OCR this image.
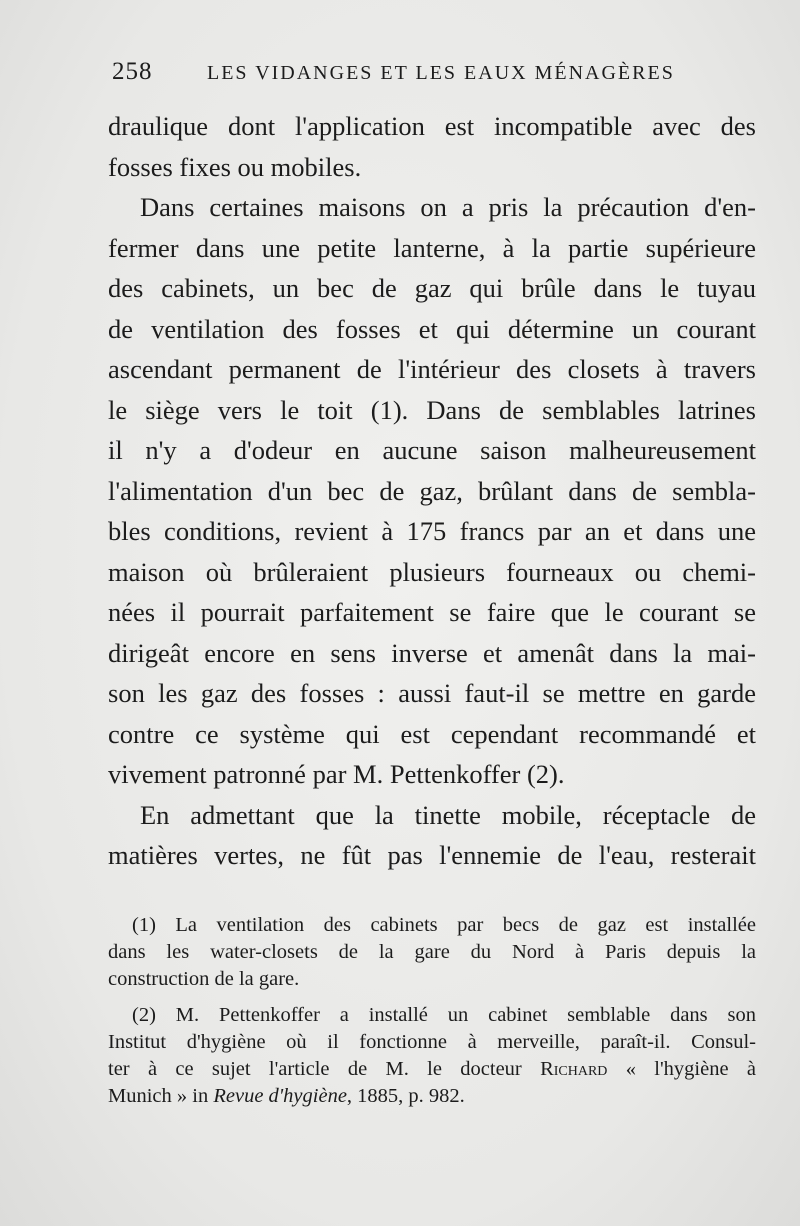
258	LES VIDANGES ET LES EAUX MÉNAGÈRES
draulique dont l'application est incompatible avec des
fosses fixes ou mobiles.
Dans certaines maisons on a pris la précaution d'en-
fermer dans une petite lanterne, à la partie supérieure
des cabinets, un bec de gaz qui brûle dans le tuyau
de ventilation des fosses et qui détermine un courant
ascendant permanent de l'intérieur des closets à travers
le siège vers le toit (1). Dans de semblables latrines
il n'y a d'odeur en aucune saison malheureusement
l'alimentation d'un bec de gaz, brûlant dans de sembla-
bles conditions, revient à 175 francs par an et dans une
maison où brûleraient plusieurs fourneaux ou chemi-
nées il pourrait parfaitement se faire que le courant se
dirigeât encore en sens inverse et amenât dans la mai-
son les gaz des fosses : aussi faut-il se mettre en garde
contre ce système qui est cependant recommandé et
vivement patronné par M. Pettenkoffer (2).
En admettant que la tinette mobile, réceptacle de
matières vertes, ne fût pas l'ennemie de l'eau, resterait
(1) La ventilation des cabinets par becs de gaz est installée
dans les water-closets de la gare du Nord à Paris depuis la
construction de la gare.
(2) M. Pettenkoffer a installé un cabinet semblable dans son
Institut d'hygiène où il fonctionne à merveille, paraît-il. Consul-
ter à ce sujet l'article de M. le docteur Richard « l'hygiène à
Munich » in Revue d'hygiène, 1885, p. 982.
